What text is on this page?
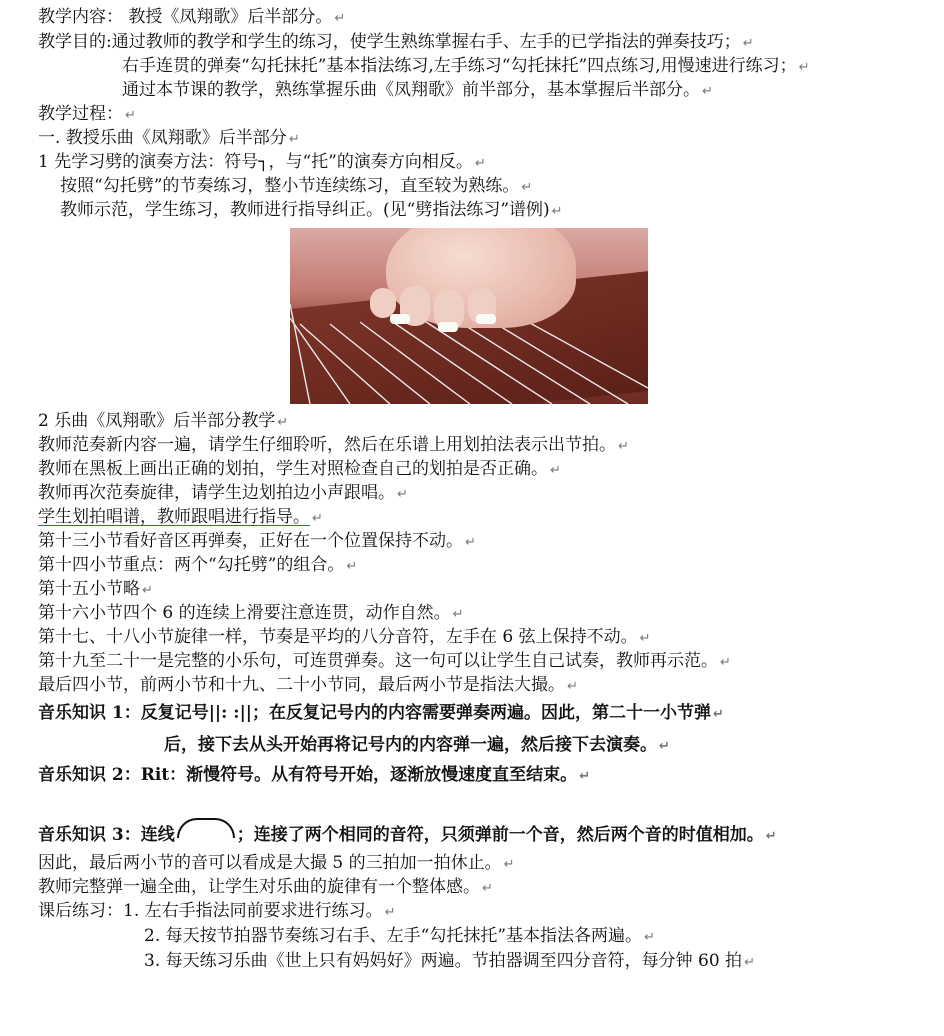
教学内容： 教授《凤翔歌》后半部分。 ↵
教学目的:通过教师的教学和学生的练习，使学生熟练掌握右手、左手的已学指法的弹奏技巧； ↵
右手连贯的弹奏“勾托抹托”基本指法练习,左手练习“勾托抹托”四点练习,用慢速进行练习； ↵
通过本节课的教学，熟练掌握乐曲《凤翔歌》前半部分，基本掌握后半部分。 ↵
教学过程： ↵
一. 教授乐曲《凤翔歌》后半部分 ↵
1 先学习劈的演奏方法：符号┐，与“托”的演奏方向相反。 ↵
按照“勾托劈”的节奏练习，整小节连续练习，直至较为熟练。 ↵
教师示范，学生练习，教师进行指导纠正。(见“劈指法练习”谱例) ↵
2 乐曲《凤翔歌》后半部分教学 ↵
教师范奏新内容一遍，请学生仔细聆听，然后在乐谱上用划拍法表示出节拍。 ↵
教师在黑板上画出正确的划拍，学生对照检查自己的划拍是否正确。 ↵
教师再次范奏旋律，请学生边划拍边小声跟唱。 ↵
学生划拍唱谱，教师跟唱进行指导。 ↵
第十三小节看好音区再弹奏，正好在一个位置保持不动。 ↵
第十四小节重点：两个“勾托劈”的组合。 ↵
第十五小节略 ↵
第十六小节四个 6 的连续上滑要注意连贯，动作自然。 ↵
第十七、十八小节旋律一样，节奏是平均的八分音符，左手在 6 弦上保持不动。 ↵
第十九至二十一是完整的小乐句，可连贯弹奏。这一句可以让学生自己试奏，教师再示范。 ↵
最后四小节，前两小节和十九、二十小节同，最后两小节是指法大撮。 ↵
音乐知识 1：反复记号||: :||；在反复记号内的内容需要弹奏两遍。因此，第二十一小节弹 ↵
后，接下去从头开始再将记号内的内容弹一遍，然后接下去演奏。 ↵
音乐知识 2：Rit：渐慢符号。从有符号开始，逐渐放慢速度直至结束。 ↵
音乐知识 3：连线	；连接了两个相同的音符，只须弹前一个音，然后两个音的时值相加。 ↵
因此，最后两小节的音可以看成是大撮 5 的三拍加一拍休止。 ↵
教师完整弹一遍全曲，让学生对乐曲的旋律有一个整体感。 ↵
课后练习：1. 左右手指法同前要求进行练习。 ↵
2. 每天按节拍器节奏练习右手、左手“勾托抹托”基本指法各两遍。 ↵
3. 每天练习乐曲《世上只有妈妈好》两遍。节拍器调至四分音符，每分钟 60 拍 ↵
